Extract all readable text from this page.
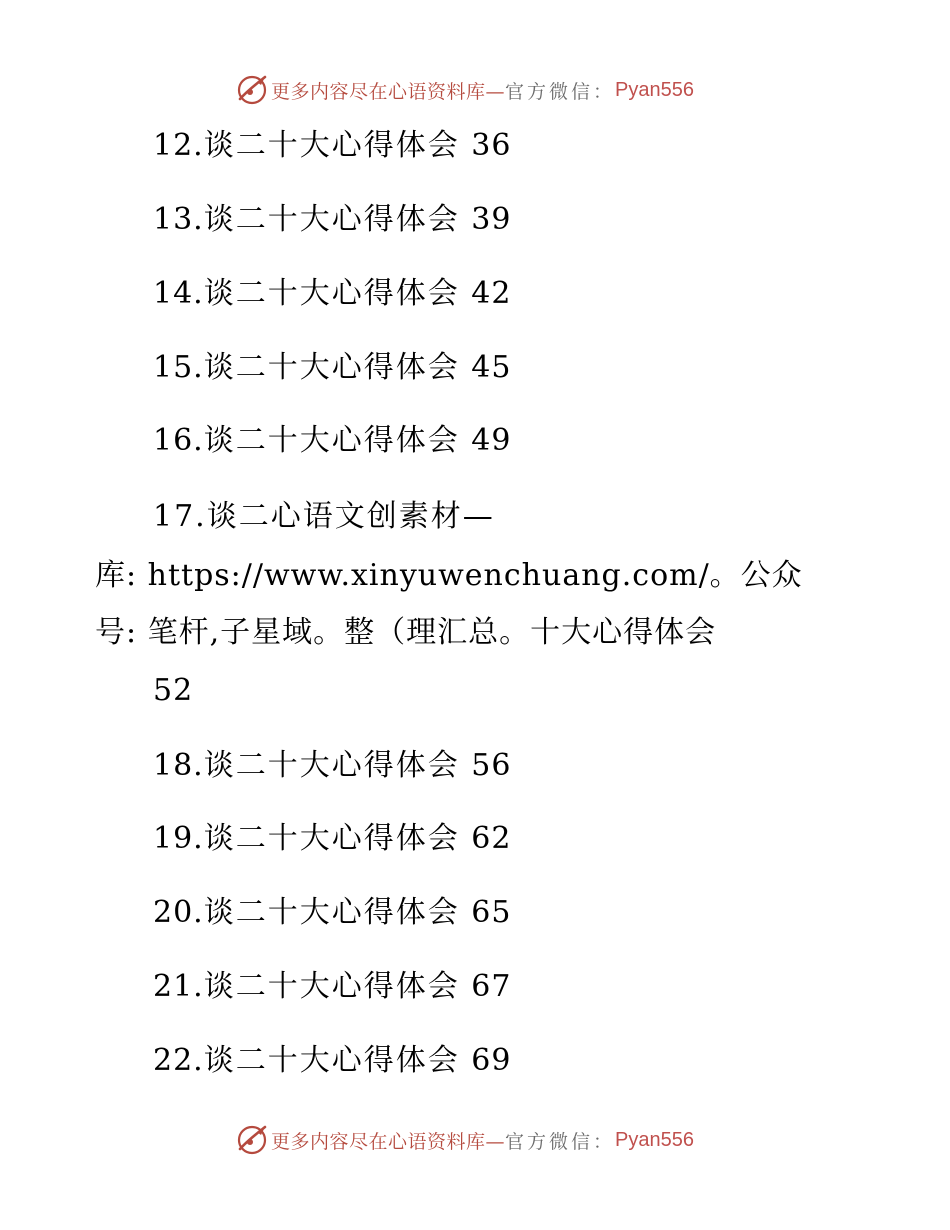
更多内容尽在心语资料库— 官方微信： Pyan556
12.谈二十大心得体会 36
13.谈二十大心得体会 39
14.谈二十大心得体会 42
15.谈二十大心得体会 45
16.谈二十大心得体会 49
17.谈二心语文创素材—
库: https://www.xinyuwenchuang.com/。公众
号: 笔杆,子星域。整（理汇总。十大心得体会
52
18.谈二十大心得体会 56
19.谈二十大心得体会 62
20.谈二十大心得体会 65
21.谈二十大心得体会 67
22.谈二十大心得体会 69
更多内容尽在心语资料库— 官方微信： Pyan556
